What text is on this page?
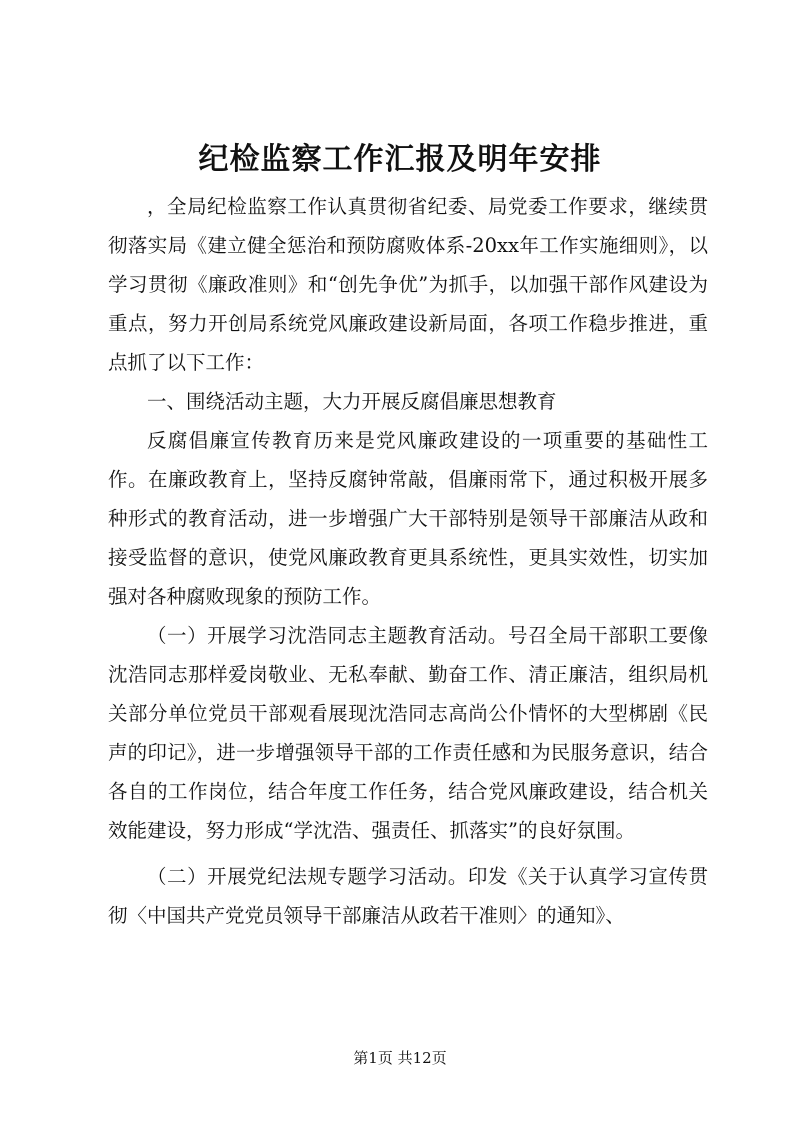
纪检监察工作汇报及明年安排

，全局纪检监察工作认真贯彻省纪委、局党委工作要求，继续贯彻落实局《建立健全惩治和预防腐败体系-20xx年工作实施细则》，以学习贯彻《廉政准则》和“创先争优”为抓手，以加强干部作风建设为重点，努力开创局系统党风廉政建设新局面，各项工作稳步推进，重点抓了以下工作：

一、围绕活动主题，大力开展反腐倡廉思想教育

反腐倡廉宣传教育历来是党风廉政建设的一项重要的基础性工作。在廉政教育上，坚持反腐钟常敲，倡廉雨常下，通过积极开展多种形式的教育活动，进一步增强广大干部特别是领导干部廉洁从政和接受监督的意识，使党风廉政教育更具系统性，更具实效性，切实加强对各种腐败现象的预防工作。

（一）开展学习沈浩同志主题教育活动。号召全局干部职工要像沈浩同志那样爱岗敬业、无私奉献、勤奋工作、清正廉洁，组织局机关部分单位党员干部观看展现沈浩同志高尚公仆情怀的大型梆剧《民声的印记》，进一步增强领导干部的工作责任感和为民服务意识，结合各自的工作岗位，结合年度工作任务，结合党风廉政建设，结合机关效能建设，努力形成“学沈浩、强责任、抓落实”的良好氛围。

（二）开展党纪法规专题学习活动。印发《关于认真学习宣传贯彻〈中国共产党党员领导干部廉洁从政若干准则〉的通知》、

第1页 共12页
